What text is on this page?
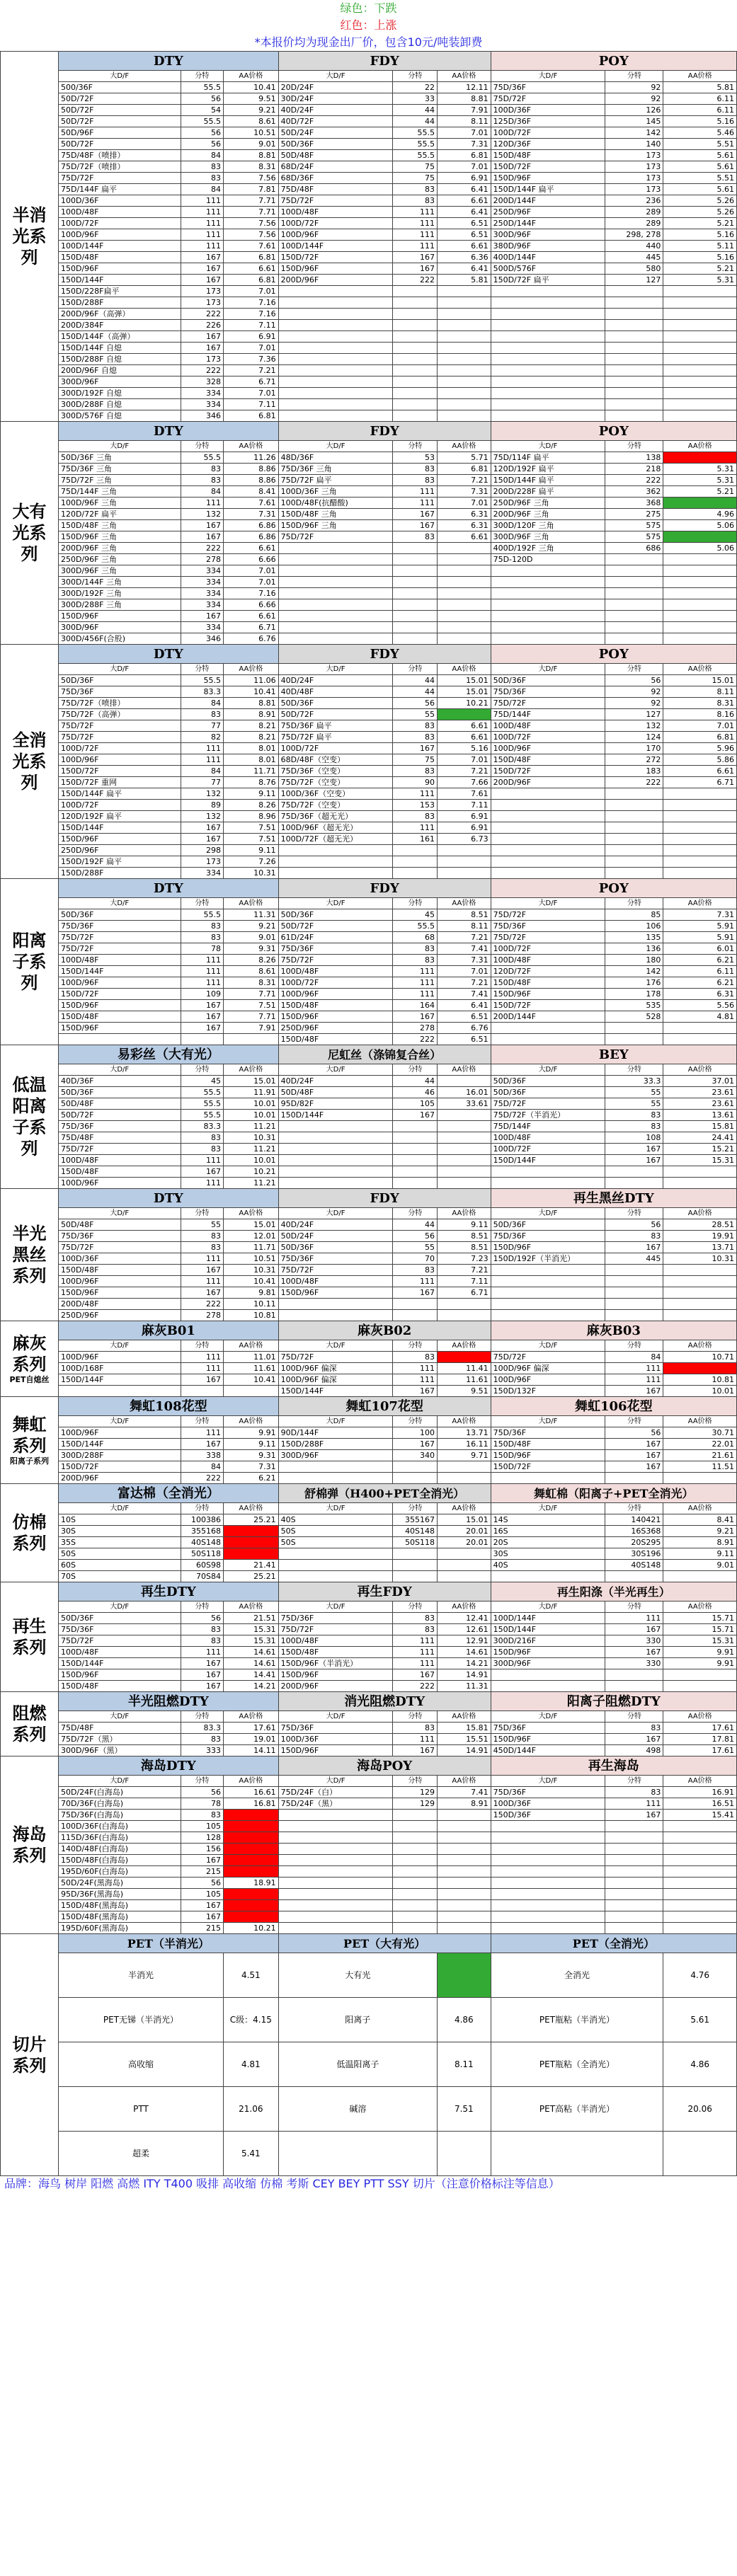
绿色：下跌
红色：上涨
*本报价均为现金出厂价，包含10元/吨装卸费
半消光系列	DTY			FDY			POY		
	大D/F	分特	AA价格	大D/F	分特	AA价格	大D/F	分特	AA价格
	500/36F	55.5	10.41	20D/24F	22	12.11	75D/36F	92	5.81
	50D/72F	56	9.51	30D/24F	33	8.81	75D/72F	92	6.11
	50D/72F	54	9.21	40D/24F	44	7.91	100D/36F	126	6.11
	50D/72F	55.5	8.61	40D/72F	44	8.11	125D/36F	145	5.16
	50D/96F	56	10.51	50D/24F	55.5	7.01	100D/72F	142	5.46
	50D/72F	56	9.01	50D/36F	55.5	7.31	120D/36F	140	5.51
	75D/48F（喷排）	84	8.81	50D/48F	55.5	6.81	150D/48F	173	5.61
	75D/72F（喷排）	83	8.31	68D/24F	75	7.01	150D/72F	173	5.61
	75D/72F	83	7.56	68D/36F	75	6.91	150D/96F	173	5.51
	75D/144F 扁平	84	7.81	75D/48F	83	6.41	150D/144F 扁平	173	5.61
	100D/36F	111	7.71	75D/72F	83	6.61	200D/144F	236	5.26
	100D/48F	111	7.71	100D/48F	111	6.41	250D/96F	289	5.26
	100D/72F	111	7.56	100D/72F	111	6.51	250D/144F	289	5.21
	100D/96F	111	7.56	100D/96F	111	6.51	300D/96F	298, 278	5.16
	100D/144F	111	7.61	100D/144F	111	6.61	380D/96F	440	5.11
	150D/48F	167	6.81	150D/72F	167	6.36	400D/144F	445	5.16
	150D/96F	167	6.61	150D/96F	167	6.41	500D/576F	580	5.21
	150D/144F	167	6.81	200D/96F	222	5.81	150D/72F 扁平	127	5.31
	150D/228F扁平	173	7.01						
	150D/288F	173	7.16						
	200D/96F（高弹）	222	7.16						
	200D/384F	226	7.11						
	150D/144F（高弹）	167	6.91						
	150D/144F 自熄	167	7.01						
	150D/288F 自熄	173	7.36						
	200D/96F 自熄	222	7.21						
	300D/96F	328	6.71						
	300D/192F 自熄	334	7.01						
	300D/288F 自熄	334	7.11						
	300D/576F 自熄	346	6.81						
大有光系列	DTY			FDY			POY		
	大D/F	分特	AA价格	大D/F	分特	AA价格	大D/F	分特	AA价格
	50D/36F 三角	55.5	11.26	48D/36F	53	5.71	75D/114F 扁平	138	
	75D/36F 三角	83	8.86	75D/36F 三角	83	6.81	120D/192F 扁平	218	5.31
	75D/72F 三角	83	8.86	75D/72F 扁平	83	7.21	150D/144F 扁平	222	5.31
	75D/144F 三角	84	8.41	100D/36F 三角	111	7.31	200D/228F 扁平	362	5.21
	100D/96F 三角	111	7.61	100D/48F(抗醋酸)	111	7.01	250D/96F 三角	368	
	120D/72F 扁平	132	7.31	150D/48F 三角	167	6.31	200D/96F 三角	275	4.96
	150D/48F 三角	167	6.86	150D/96F 三角	167	6.31	300D/120F 三角	575	5.06
	150D/96F 三角	167	6.86	75D/72F	83	6.61	300D/96F 三角	575	
	200D/96F 三角	222	6.61				400D/192F 三角	686	5.06
	250D/96F 三角	278	6.66				75D-120D		
	300D/96F 三角	334	7.01						
	300D/144F 三角	334	7.01						
	300D/192F 三角	334	7.16						
	300D/288F 三角	334	6.66						
	150D/96F	167	6.61						
	300D/96F	334	6.71						
	300D/456F(合股)	346	6.76						
全消光系列	DTY			FDY			POY		
	大D/F	分特	AA价格	大D/F	分特	AA价格	大D/F	分特	AA价格
	50D/36F	55.5	11.06	40D/24F	44	15.01	50D/36F	56	15.01
	75D/36F	83.3	10.41	40D/48F	44	15.01	75D/36F	92	8.11
	75D/72F（喷排）	84	8.81	50D/36F	56	10.21	75D/72F	92	8.31
	75D/72F（高弹）	83	8.91	50D/72F	55		75D/144F	127	8.16
	75D/72F	77	8.21	75D/36F 扁平	83	6.61	100D/48F	132	7.01
	75D/72F	82	8.21	75D/72F 扁平	83	6.61	100D/72F	124	6.81
	100D/72F	111	8.01	100D/72F	167	5.16	100D/96F	170	5.96
	100D/96F	111	8.01	68D/48F（空变）	75	7.01	150D/48F	272	5.86
	150D/72F	84	11.71	75D/36F（空变）	83	7.21	150D/72F	183	6.61
	150D/72F 重网	77	8.76	75D/72F（空变）	90	7.66	200D/96F	222	6.71
	150D/144F 扁平	132	9.11	100D/36F（空变）	111	7.61			
	100D/72F	89	8.26	75D/72F（空变）	153	7.11			
	120D/192F 扁平	132	8.96	75D/36F（超无光）	83	6.91			
	150D/144F	167	7.51	100D/96F（超无光）	111	6.91			
	150D/96F	167	7.51	100D/72F（超无光）	161	6.73			
	250D/96F	298	9.11						
	150D/192F 扁平	173	7.26						
	150D/288F	334	10.31						
阳离子系列	DTY			FDY			POY		
	大D/F	分特	AA价格	大D/F	分特	AA价格	大D/F	分特	AA价格
	50D/36F	55.5	11.31	50D/36F	45	8.51	75D/72F	85	7.31
	75D/36F	83	9.21	50D/72F	55.5	8.11	75D/36F	106	5.91
	75D/72F	83	9.01	61D/24F	68	7.21	75D/72F	135	5.91
	75D/72F	78	9.31	75D/36F	83	7.41	100D/72F	136	6.01
	100D/48F	111	8.26	75D/72F	83	7.31	100D/48F	180	6.21
	150D/144F	111	8.61	100D/48F	111	7.01	120D/72F	142	6.11
	100D/96F	111	8.31	100D/72F	111	7.21	150D/48F	176	6.21
	150D/72F	109	7.71	100D/96F	111	7.41	150D/96F	178	6.31
	150D/96F	167	7.51	150D/48F	164	6.41	150D/72F	535	5.56
	150D/48F	167	7.71	150D/96F	167	6.51	200D/144F	528	4.81
	150D/96F	167	7.91	250D/96F	278	6.76			
				150D/48F	222	6.51			
低温阳离子系列	易彩丝（大有光）			尼虹丝（涤锦复合丝）			BEY		
	大D/F	分特	AA价格	大D/F	分特	AA价格	大D/F	分特	AA价格
	40D/36F	45	15.01	40D/24F	44		50D/36F	33.3	37.01
	50D/36F	55.5	11.91	50D/48F	46	16.01	50D/36F	55	23.61
	50D/48F	55.5	10.01	95D/82F	105	33.61	75D/72F	55	23.61
	50D/72F	55.5	10.01	150D/144F	167		75D/72F（半消光）	83	13.61
	75D/36F	83.3	11.21				75D/144F	83	15.81
	75D/48F	83	10.31				100D/48F	108	24.41
	75D/72F	83	11.21				100D/72F	167	15.21
	100D/48F	111	10.01				150D/144F	167	15.31
	150D/48F	167	10.21						
	100D/96F	111	11.21						
半光黑丝系列	DTY			FDY			再生黑丝DTY		
	大D/F	分特	AA价格	大D/F	分特	AA价格	大D/F	分特	AA价格
	50D/48F	55	15.01	40D/24F	44	9.11	50D/36F	56	28.51
	75D/36F	83	12.01	50D/24F	56	8.51	75D/36F	83	19.91
	75D/72F	83	11.71	50D/36F	55	8.51	150D/96F	167	13.71
	100D/36F	111	10.51	75D/36F	70	7.23	150D/192F（半消光）	445	10.31
	150D/48F	167	10.31	75D/72F	83	7.21			
	100D/96F	111	10.41	100D/48F	111	7.11			
	150D/96F	167	9.81	150D/96F	167	6.71			
	200D/48F	222	10.11						
	250D/96F	278	10.81						
麻灰系列
PET自熄丝	麻灰B01			麻灰B02			麻灰B03		
	大D/F	分特	AA价格	大D/F	分特	AA价格	大D/F	分特	AA价格
	100D/96F	111	11.01	75D/72F	83		75D/72F	84	10.71
	100D/168F	111	11.61	100D/96F 偏深	111	11.41	100D/96F 偏深	111	
	150D/144F	167	10.41	100D/96F 偏深	111	11.61	100D/96F	111	10.81
				150D/144F	167	9.51	150D/132F	167	10.01
舞虹系列
阳离子系列	舞虹108花型			舞虹107花型			舞虹106花型		
	大D/F	分特	AA价格	大D/F	分特	AA价格	大D/F	分特	AA价格
	100D/96F	111	9.91	90D/144F	100	13.71	75D/36F	56	30.71
	150D/144F	167	9.11	150D/288F	167	16.11	150D/48F	167	22.01
	300D/288F	338	9.31	300D/96F	340	9.71	150D/96F	167	21.61
	150D/72F	84	7.31				150D/72F	167	11.51
	200D/96F	222	6.21						
仿棉系列	富达棉（全消光）			舒棉弹（H400+PET全消光）			舞虹棉（阳离子+PET全消光）		
	大D/F	分特	AA价格	大D/F	分特	AA价格	大D/F	分特	AA价格
	10S	100386	25.21	40S	355167	15.01	14S	140421	8.41
	30S	355168		50S	40S148	20.01	16S	16S368	9.21
	35S	40S148		50S	50S118	20.01	20S	20S295	8.91
	50S	50S118					30S	30S196	9.11
	60S	60S98	21.41				40S	40S148	9.01
	70S	70S84	25.21						
再生系列	再生DTY			再生FDY			再生阳涤（半光再生）		
	大D/F	分特	AA价格	大D/F	分特	AA价格	大D/F	分特	AA价格
	50D/36F	56	21.51	75D/36F	83	12.41	100D/144F	111	15.71
	75D/36F	83	15.31	75D/72F	83	12.61	150D/144F	167	15.71
	75D/72F	83	15.31	100D/48F	111	12.91	300D/216F	330	15.31
	100D/48F	111	14.61	150D/48F	111	14.61	150D/96F	167	9.91
	150D/144F	167	14.61	150D/96F（半消光）	111	14.21	300D/96F	330	9.91
	150D/96F	167	14.41	150D/96F	167	14.91			
	150D/48F	167	14.21	200D/96F	222	11.31			
阻燃系列	半光阻燃DTY			消光阻燃DTY			阳离子阻燃DTY		
	大D/F	分特	AA价格	大D/F	分特	AA价格	大D/F	分特	AA价格
	75D/48F	83.3	17.61	75D/36F	83	15.81	75D/36F	83	17.61
	75D/72F（黑）	83	19.01	100D/36F	111	15.51	150D/96F	167	17.81
	300D/96F（黑）	333	14.11	150D/96F	167	14.91	450D/144F	498	17.61
海岛系列	海岛DTY			海岛POY			再生海岛		
	大D/F	分特	AA价格	大D/F	分特	AA价格	大D/F	分特	AA价格
	50D/24F(白海岛)	56	16.61	75D/24F（白）	129	7.41	75D/36F	83	16.91
	70D/36F(白海岛)	78	16.81	75D/24F（黑）	129	8.91	100D/36F	111	16.51
	75D/36F(白海岛)	83					150D/36F	167	15.41
	100D/36F(白海岛)	105							
	115D/36F(白海岛)	128							
	140D/48F(白海岛)	156							
	150D/48F(白海岛)	167							
	195D/60F(白海岛)	215							
	50D/24F(黑海岛)	56	18.91						
	95D/36F(黑海岛)	105							
	150D/48F(黑海岛)	167							
	150D/48F(黑海岛)	167							
	195D/60F(黑海岛)	215	10.21						
切片系列	PET（半消光）			PET（大有光）			PET（全消光）		
	半消光		4.51	大有光			全消光		4.76
	PET无锑（半消光）		C级：4.15	阳离子		4.86	PET瓶粘（半消光）		5.61
	高收缩		4.81	低温阳离子		8.11	PET瓶粘（全消光）		4.86
	PTT		21.06	碱溶		7.51	PET高粘（半消光）		20.06
	超柔		5.41						
品牌：海鸟 树岸 阳燃 高燃 ITY T400 吸排 高收缩 仿棉 考斯 CEY BEY PTT SSY 切片（注意价格标注等信息）
